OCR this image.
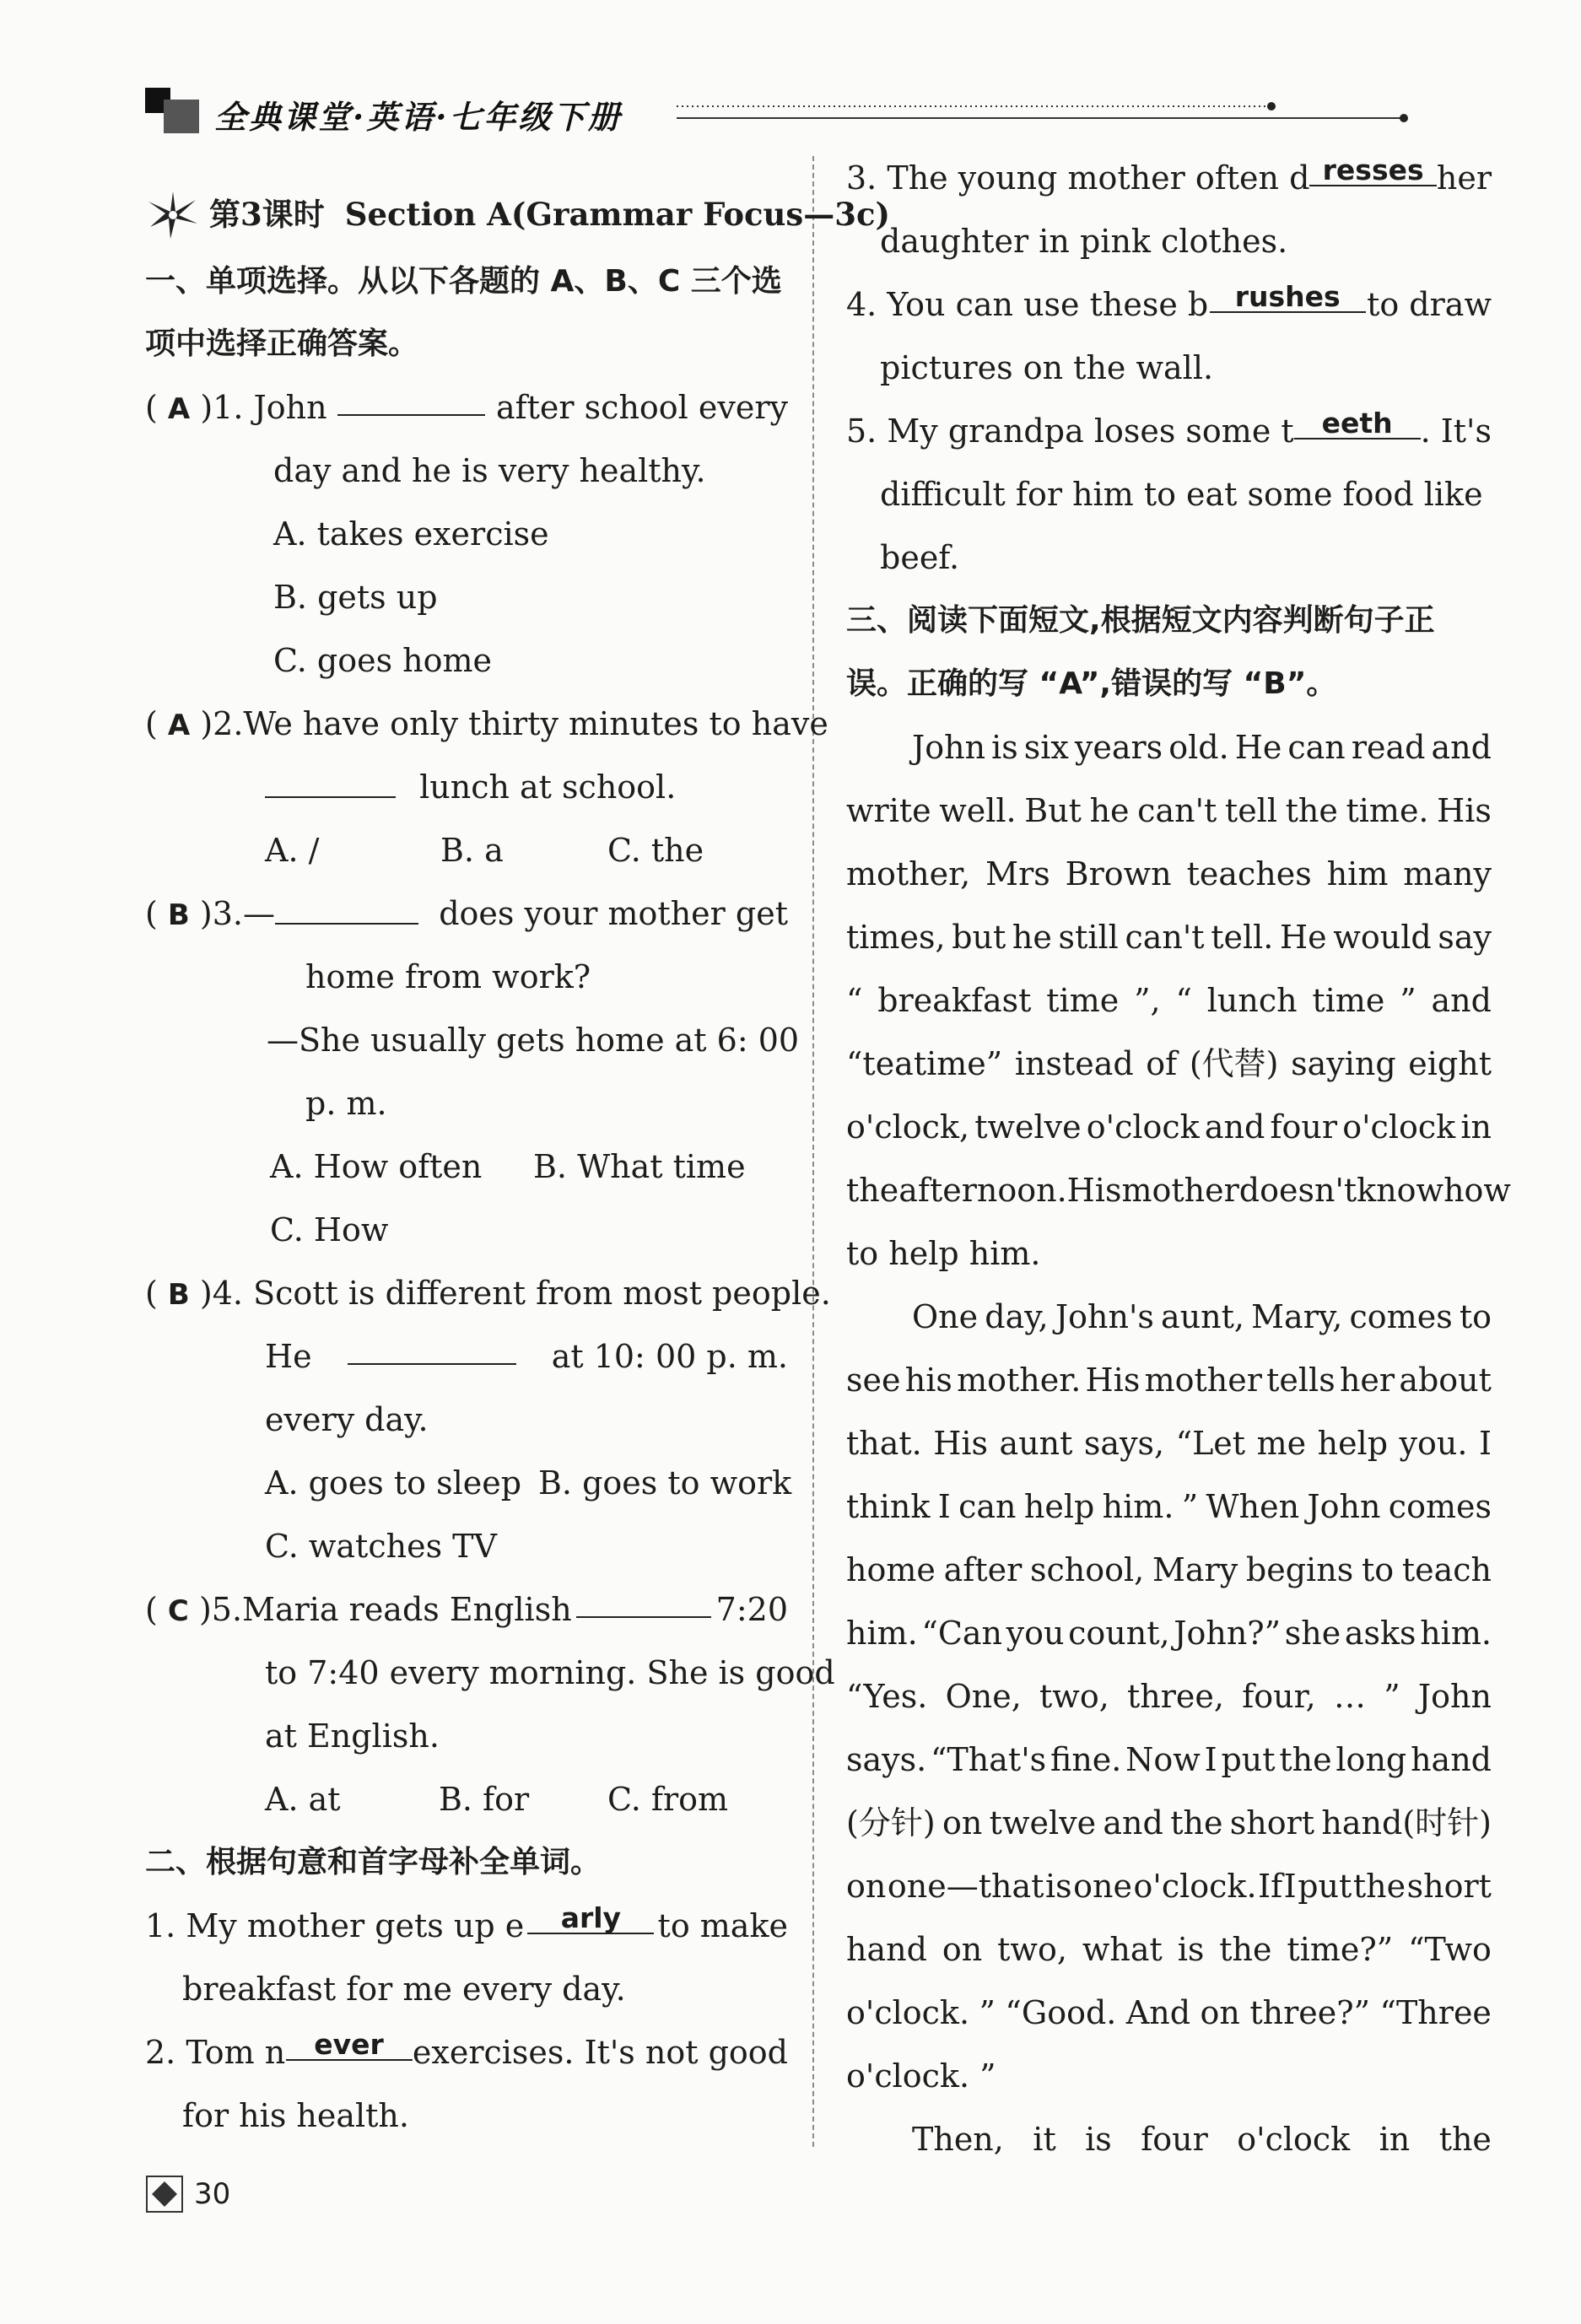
全典课堂·英语·七年级下册
第3课时 Section A(Grammar Focus—3c)
一、单项选择。从以下各题的 A、B、C 三个选
项中选择正确答案。
( A )1. John	after school every
day and he is very healthy.
A. takes exercise
B. gets up
C. goes home
( A )2. We have only thirty minutes to have
lunch at school.
A. /	B. a	C. the
( B )3.—	does your mother get
home from work?
—She usually gets home at 6: 00
p. m.
A. How often B. What time
C. How
( B )4. Scott is different from most people.
He	at 10: 00 p. m.
every day.
A. goes to sleep B. goes to work
C. watches TV
( C )5.Maria reads English	7:20
to 7:40 every morning. She is good
at English.
A. at	B. for C. from
二、根据句意和首字母补全单词。
1. My mother gets up e	arly	to make
breakfast for me every day.
2. Tom n	ever exercises. It's not good
for his health.
3. The young mother often d resses her
daughter in pink clothes.
4. You can use these b rushes to draw
pictures on the wall.
5. My grandpa loses some t eeth . It's
difficult for him to eat some food like
beef.
三、阅读下面短文,根据短文内容判断句子正
误。正确的写 “A”,错误的写 “B”。
John is six years old. He can read and
write well. But he can't tell the time. His
mother, Mrs Brown teaches him many
times, but he still can't tell. He would say
“ breakfast time ”, “ lunch time ” and
“teatime” instead of (代替) saying eight
o'clock, twelve o'clock and four o'clock in
the afternoon. His mother doesn't know how
to help him.
One day, John's aunt, Mary, comes to
see his mother. His mother tells her about
that. His aunt says, “Let me help you. I
think I can help him. ” When John comes
home after school, Mary begins to teach
him. “Can you count, John?” she asks him.
“Yes. One, two, three, four, … ” John
says. “That's fine. Now I put the long hand
(分针) on twelve and the short hand(时针)
on one—that is one o'clock. If I put the short
hand on two, what is the time?” “Two
o'clock. ” “Good. And on three?” “Three
o'clock. ”
Then, it is four o'clock in the
30
